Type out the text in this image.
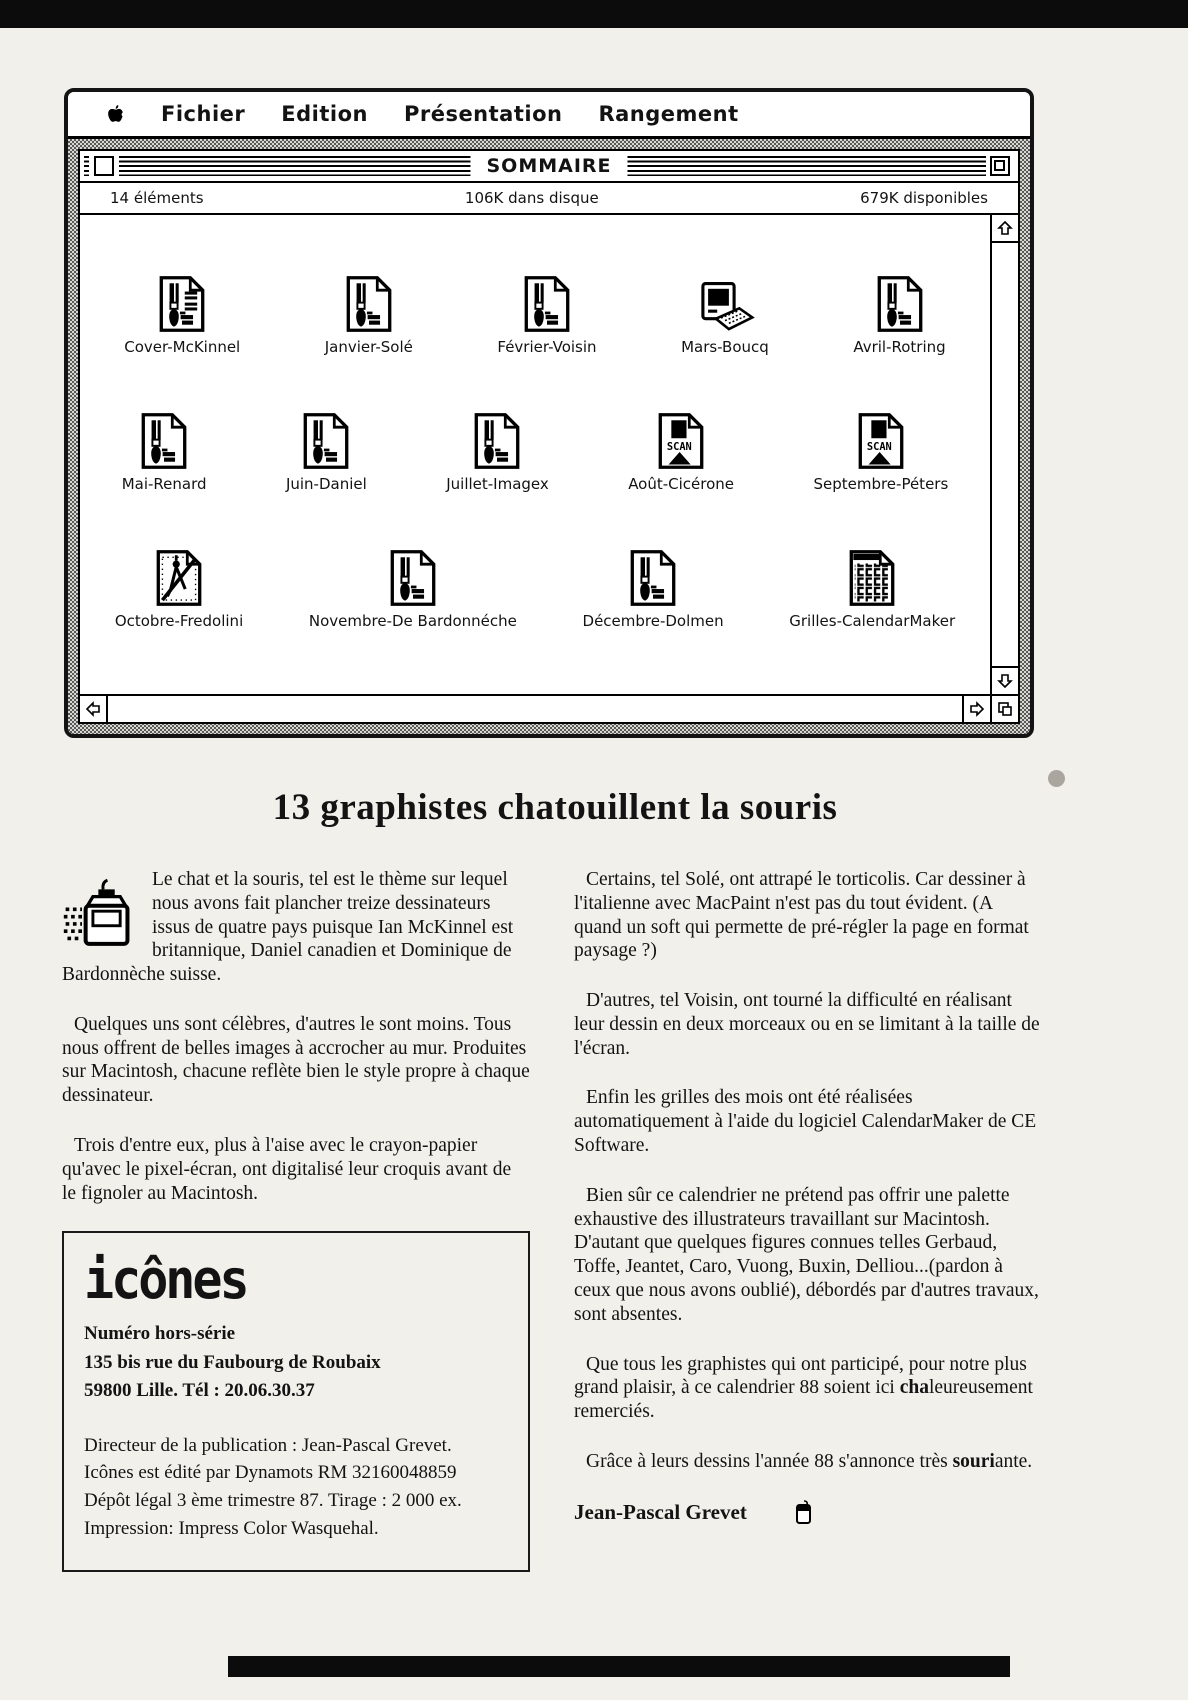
Fichier Edition Présentation Rangement
SOMMAIRE
14 éléments	106K dans disque	679K disponibles
Cover-McKinnel	Janvier-Solé	Février-Voisin	Mars-Boucq	Avril-Rotring
Mai-Renard	Juin-Daniel	Juillet-Imagex	Août-Cicérone	Septembre-Péters
Octobre-Fredolini	Novembre-De Bardonnéche	Décembre-Dolmen	Grilles-CalendarMaker
13 graphistes chatouillent la souris

Le chat et la souris, tel est le thème sur lequel nous avons fait plancher treize dessinateurs issus de quatre pays puisque Ian McKinnel est britannique, Daniel canadien et Dominique de Bardonnèche suisse.

Quelques uns sont célèbres, d'autres le sont moins. Tous nous offrent de belles images à accrocher au mur. Produites sur Macintosh, chacune reflète bien le style propre à chaque dessinateur.

Trois d'entre eux, plus à l'aise avec le crayon-papier qu'avec le pixel-écran, ont digitalisé leur croquis avant de le fignoler au Macintosh.

icônes
Numéro hors-série
135 bis rue du Faubourg de Roubaix
59800 Lille. Tél : 20.06.30.37
Directeur de la publication : Jean-Pascal Grevet.
Icônes est édité par Dynamots RM 32160048859
Dépôt légal 3 ème trimestre 87. Tirage : 2 000 ex.
Impression: Impress Color Wasquehal.

Certains, tel Solé, ont attrapé le torticolis. Car dessiner à l'italienne avec MacPaint n'est pas du tout évident. (A quand un soft qui permette de pré-régler la page en format paysage ?)

D'autres, tel Voisin, ont tourné la difficulté en réalisant leur dessin en deux morceaux ou en se limitant à la taille de l'écran.

Enfin les grilles des mois ont été réalisées automatiquement à l'aide du logiciel CalendarMaker de CE Software.

Bien sûr ce calendrier ne prétend pas offrir une palette exhaustive des illustrateurs travaillant sur Macintosh. D'autant que quelques figures connues telles Gerbaud, Toffe, Jeantet, Caro, Vuong, Buxin, Delliou...(pardon à ceux que nous avons oublié), débordés par d'autres travaux, sont absentes.

Que tous les graphistes qui ont participé, pour notre plus grand plaisir, à ce calendrier 88 soient ici chaleureusement remerciés.

Grâce à leurs dessins l'année 88 s'annonce très souriante.

Jean-Pascal Grevet
